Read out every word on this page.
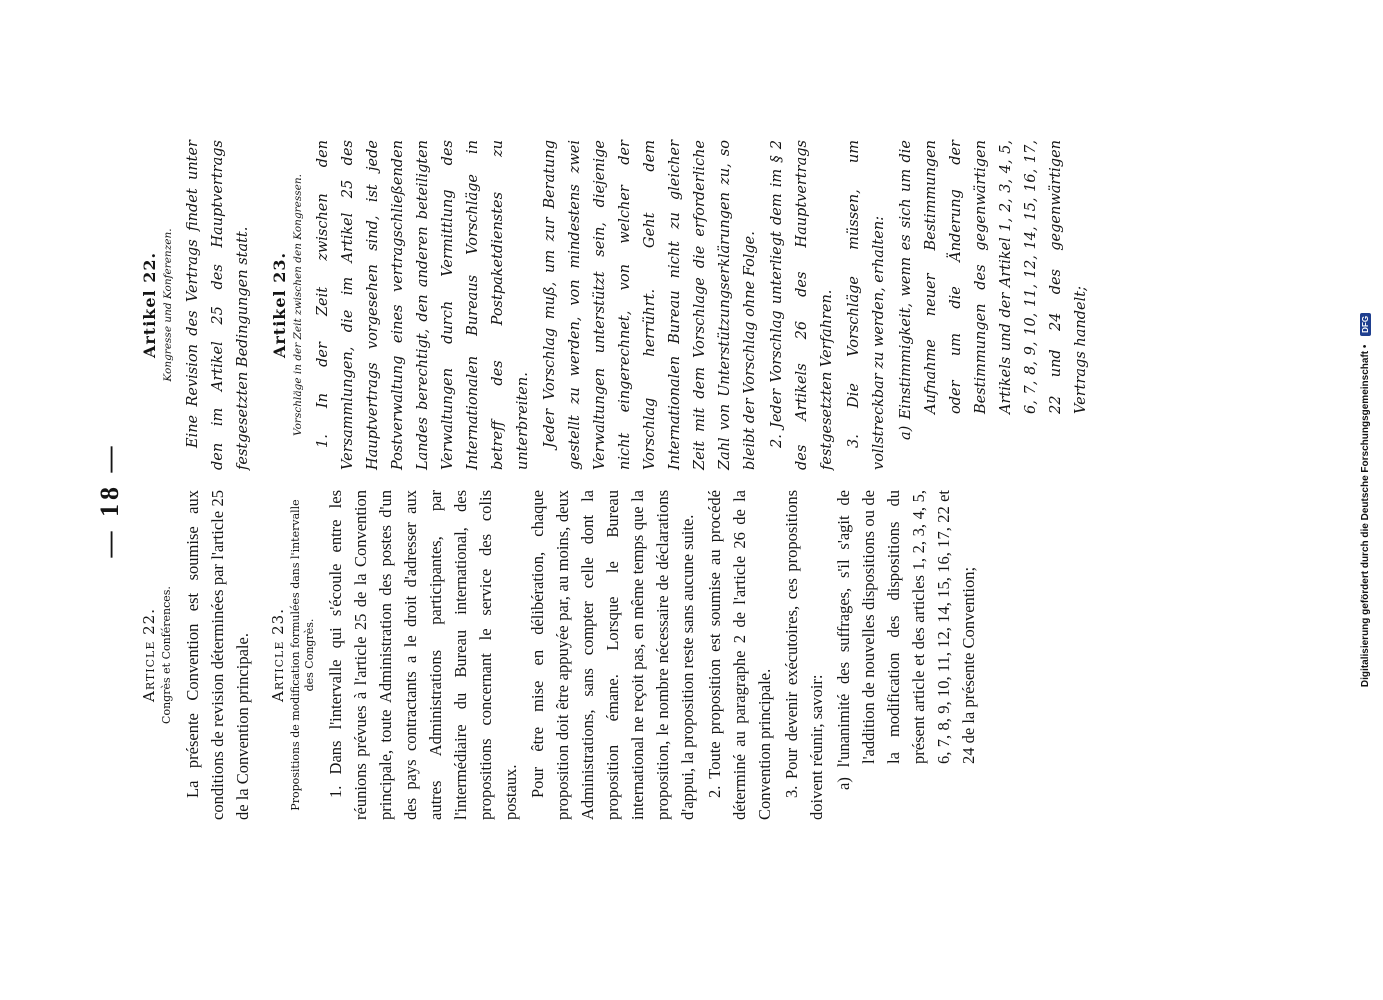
— 18 —
Article 22. Congrès et Conférences. La présente Convention est soumise aux conditions de revision déterminées par l'article 25 de la Convention principale. Article 23. Propositions de modification formulées dans l'intervalle des Congrès. 1. Dans l'intervalle qui s'écoule entre les réunions prévues à l'article 25 de la Convention principale, toute Administration des postes d'un des pays contractants a le droit d'adresser aux autres Administrations participantes, par l'intermédiaire du Bureau international, des propositions concernant le service des colis postaux. Pour être mise en délibération, chaque proposition doit être appuyée par, au moins, deux Administrations, sans compter celle dont la proposition émane. Lorsque le Bureau international ne reçoit pas, en même temps que la proposition, le nombre nécessaire de déclarations d'appui, la proposition reste sans aucune suite. 2. Toute proposition est soumise au procédé déterminé au paragraphe 2 de l'article 26 de la Convention principale. 3. Pour devenir exécutoires, ces propositions doivent réunir, savoir: a) l'unanimité des suffrages, s'il s'agit de l'addition de nouvelles dispositions ou de la modification des dispositions du présent article et des articles 1, 2, 3, 4, 5, 6, 7, 8, 9, 10, 11, 12, 14, 15, 16, 17, 22 et 24 de la présente Convention;

Artikel 22. Kongresse und Konferenzen. Eine Revision des Vertrags findet unter den im Artikel 25 des Hauptvertrags festgesetzten Bedingungen statt.	Artikel 23. Vorschläge in der Zeit zwischen den Kongressen. 1. In der Zeit zwischen den Versammlungen, die im Artikel 25 des Hauptvertrags vorgesehen sind, ist jede Postverwaltung eines vertragschließenden Landes berechtigt, den anderen beteiligten Verwaltungen durch Vermittlung des Internationalen Bureaus Vorschläge in betreff des Postpaketdienstes zu unterbreiten. Jeder Vorschlag muß, um zur Beratung gestellt zu werden, von mindestens zwei Verwaltungen unterstützt sein, diejenige nicht eingerechnet, von welcher der Vorschlag herrührt. Geht dem Internationalen Bureau nicht zu gleicher Zeit mit dem Vorschlage die erforderliche Zahl von Unterstützungserklärungen zu, so bleibt der Vorschlag ohne Folge. 2. Jeder Vorschlag unterliegt dem im § 2 des Artikels 26 des Hauptvertrags festgesetzten Verfahren. 3. Die Vorschläge müssen, um vollstreckbar zu werden, erhalten: a) Einstimmigkeit, wenn es sich um die Aufnahme neuer Bestimmungen oder um die Änderung der Bestimmungen des gegenwärtigen Artikels und der Artikel 1, 2, 3, 4, 5, 6, 7, 8, 9, 10, 11, 12, 14, 15, 16, 17, 22 und 24 des gegenwärtigen Vertrags handelt;	Digitalisierung gefördert durch die Deutsche Forschungsgemeinschaft • DFG
